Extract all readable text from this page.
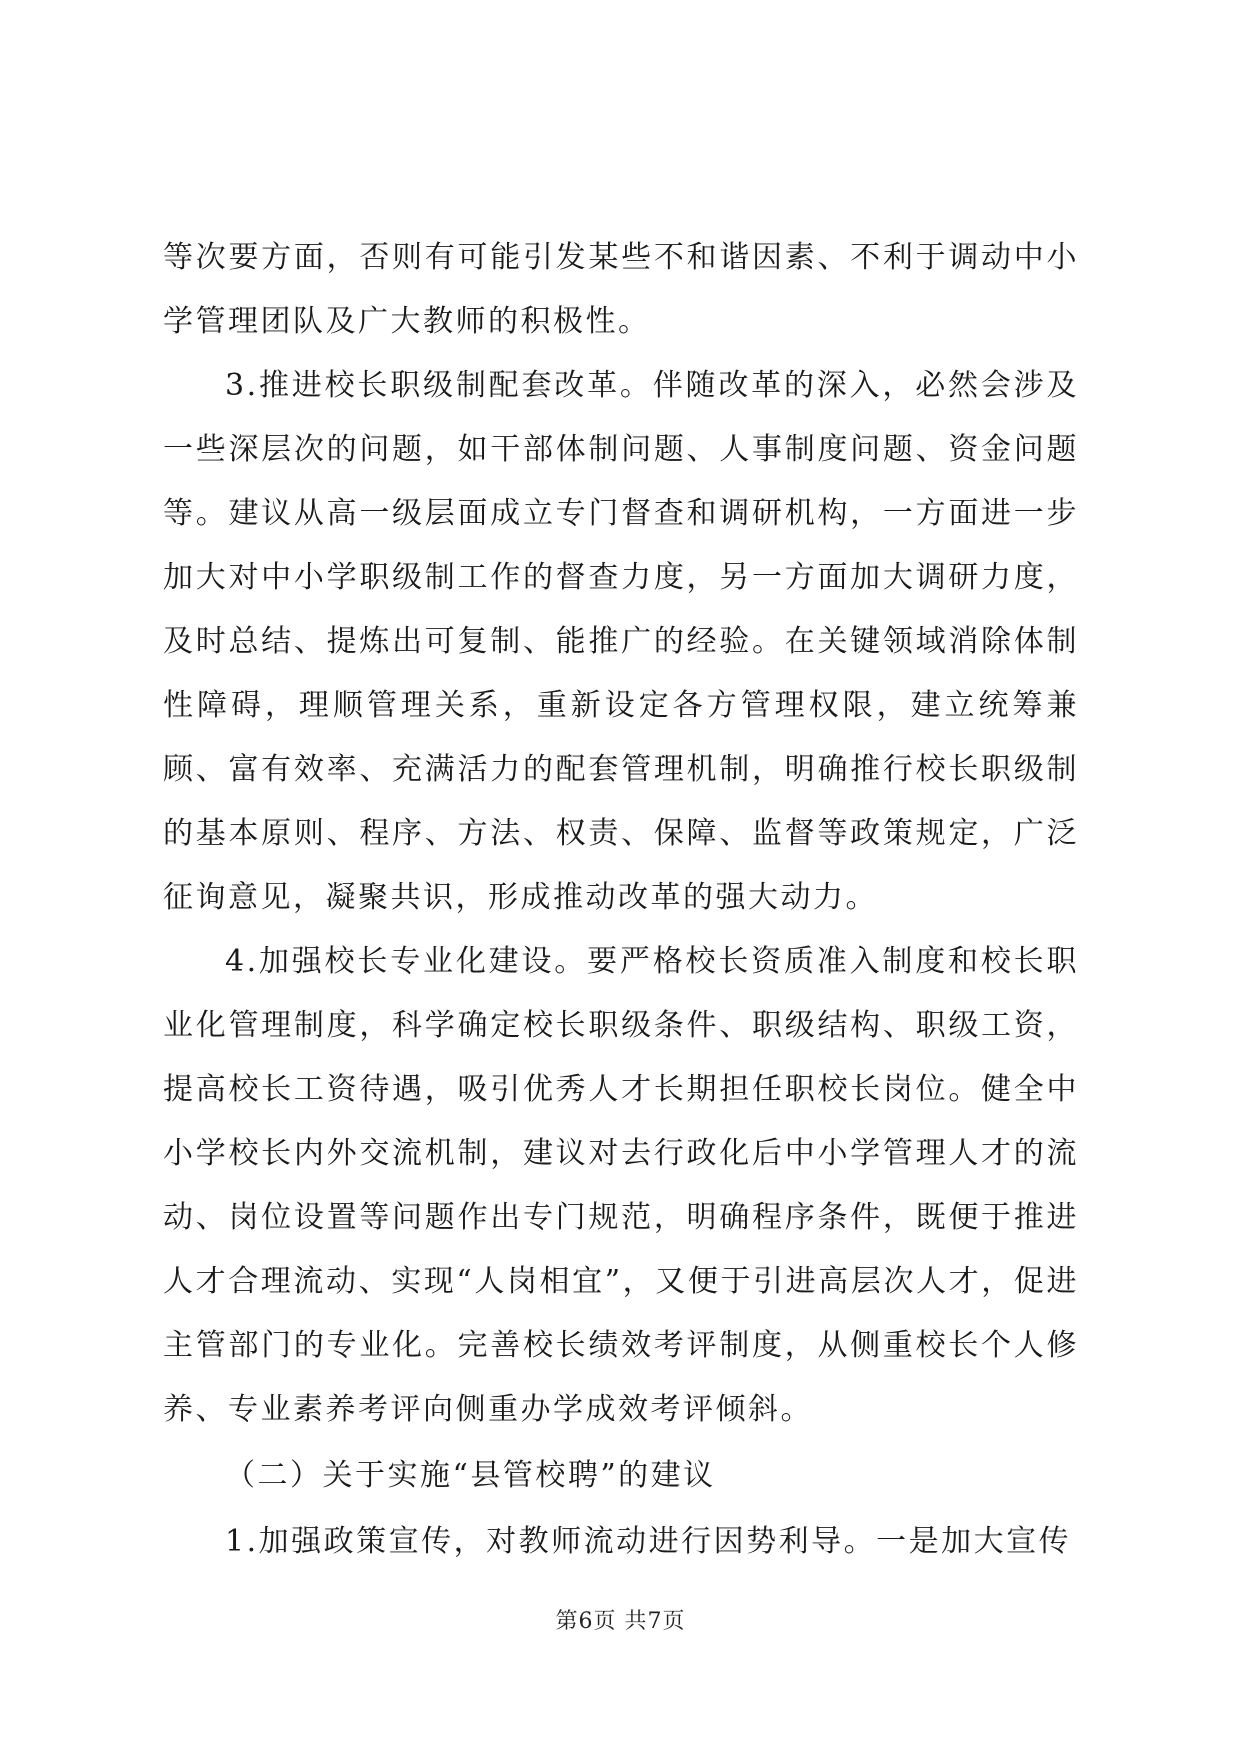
等次要方面，否则有可能引发某些不和谐因素、不利于调动中小学管理团队及广大教师的积极性。

3.推进校长职级制配套改革。伴随改革的深入，必然会涉及一些深层次的问题，如干部体制问题、人事制度问题、资金问题等。建议从高一级层面成立专门督查和调研机构，一方面进一步加大对中小学职级制工作的督查力度，另一方面加大调研力度，及时总结、提炼出可复制、能推广的经验。在关键领域消除体制性障碍，理顺管理关系，重新设定各方管理权限，建立统筹兼顾、富有效率、充满活力的配套管理机制，明确推行校长职级制的基本原则、程序、方法、权责、保障、监督等政策规定，广泛征询意见，凝聚共识，形成推动改革的强大动力。

4.加强校长专业化建设。要严格校长资质准入制度和校长职业化管理制度，科学确定校长职级条件、职级结构、职级工资，提高校长工资待遇，吸引优秀人才长期担任职校长岗位。健全中小学校长内外交流机制，建议对去行政化后中小学管理人才的流动、岗位设置等问题作出专门规范，明确程序条件，既便于推进人才合理流动、实现“人岗相宜”，又便于引进高层次人才，促进主管部门的专业化。完善校长绩效考评制度，从侧重校长个人修养、专业素养考评向侧重办学成效考评倾斜。

（二）关于实施“县管校聘”的建议

1.加强政策宣传，对教师流动进行因势利导。一是加大宣传

第6页 共7页
